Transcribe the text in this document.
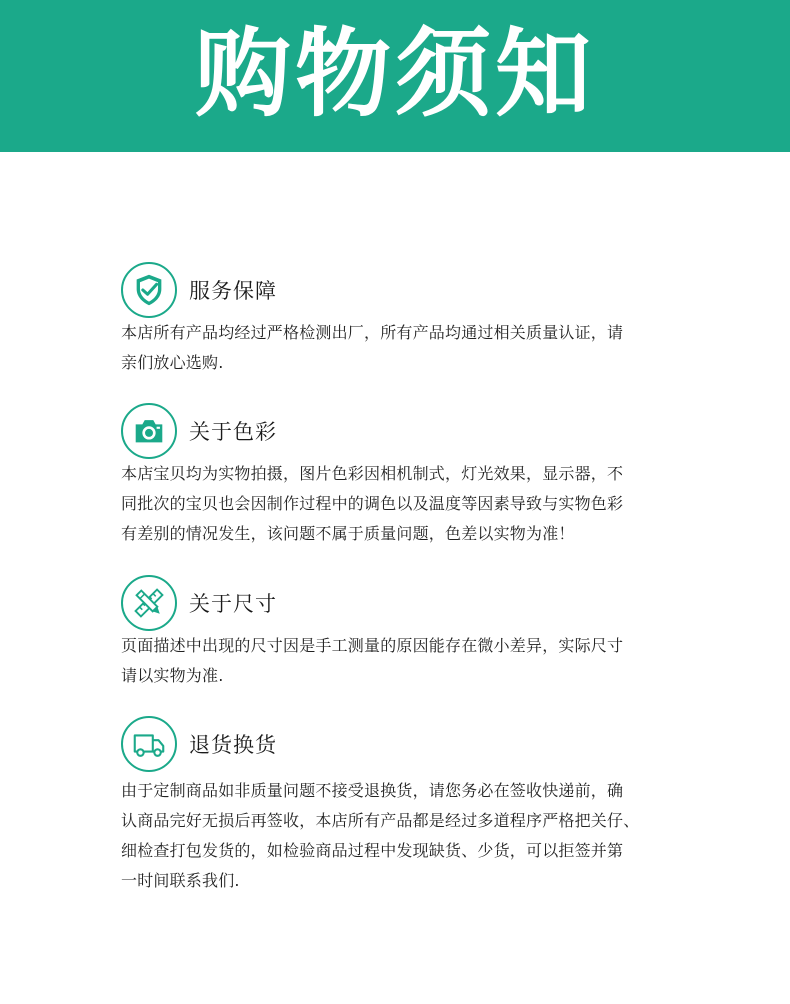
购物须知
服务保障
本店所有产品均经过严格检测出厂，所有产品均通过相关质量认证，请
亲们放心选购.
关于色彩
本店宝贝均为实物拍摄，图片色彩因相机制式，灯光效果，显示器，不
同批次的宝贝也会因制作过程中的调色以及温度等因素导致与实物色彩
有差别的情况发生，该问题不属于质量问题，色差以实物为准！
关于尺寸
页面描述中出现的尺寸因是手工测量的原因能存在微小差异，实际尺寸
请以实物为准.
退货换货
由于定制商品如非质量问题不接受退换货，请您务必在签收快递前，确
认商品完好无损后再签收，本店所有产品都是经过多道程序严格把关仔、
细检查打包发货的，如检验商品过程中发现缺货、少货，可以拒签并第
一时间联系我们.
